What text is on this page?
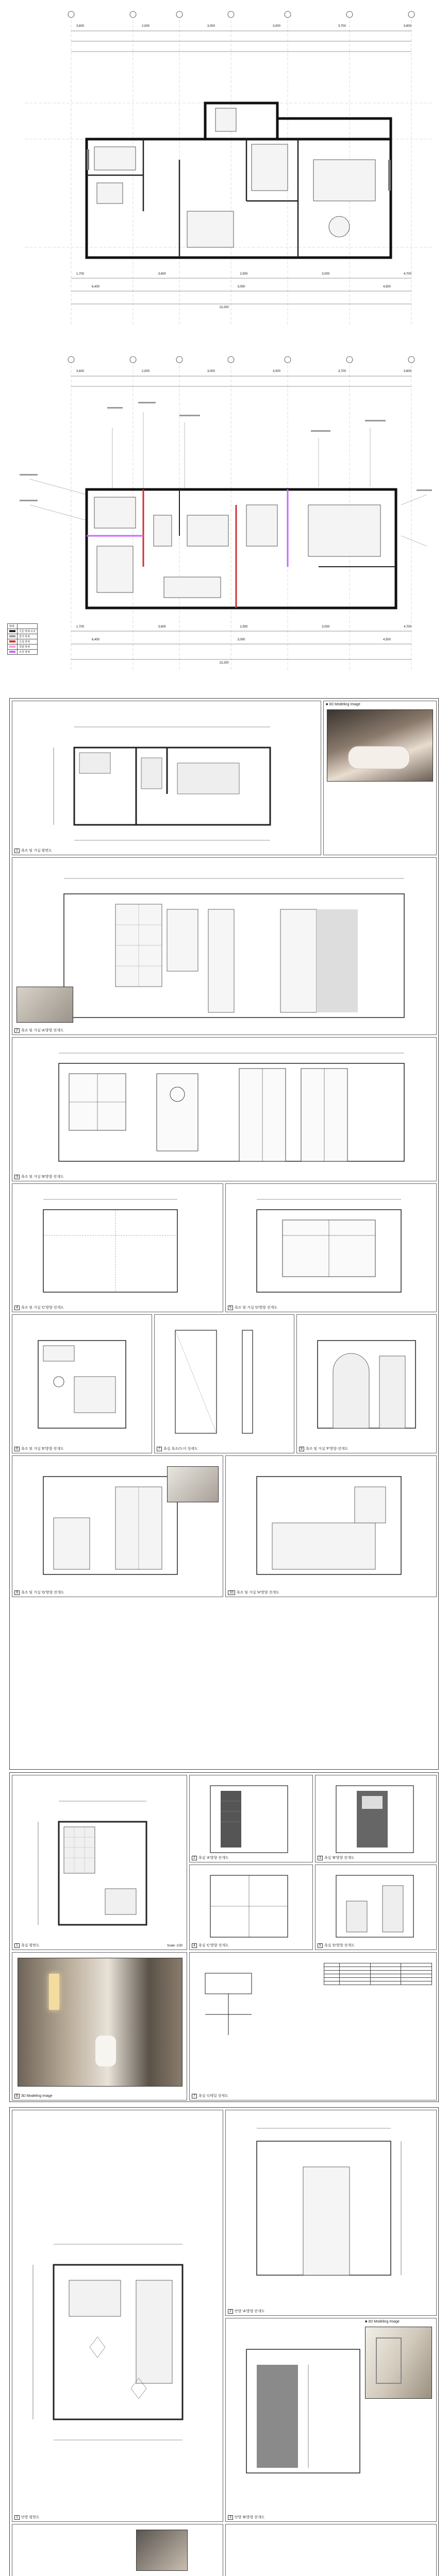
3,600	2,000	3,000	3,000	3,700	3,800
1,700	3,600	2,500	3,000	4,700
6,400	3,000	4,500
13,200
3,600	2,000	3,000	3,000	3,700	3,800
1,700	3,600	2,500	3,000	4,700
6,400	3,000	4,500
13,200
범례	
	기존 벽체 유지
	철거 벽체
	신설 벽체
	경량 벽체
	조적 벽체
1 욕조 및 거실 평면도
■ 3D Modeling Image
2 욕조 및 거실 'A'방향 전개도
3 욕조 및 거실 'B'방향 전개도
4 욕조 및 거실 'C'방향 전개도	5 욕조 및 거실 'D'방향 전개도
6 욕조 및 거실 'E'방향 전개도	7 욕실 욕조/도어 상세도	8 욕조 및 거실 'F'방향 전개도
9 욕조 및 거실 'G'방향 전개도	10 욕조 및 거실 'H'방향 전개도
Scale: 1/30
1 욕실 평면도
2 욕실 'A'방향 전개도	3 욕실 'B'방향 전개도
4 욕실 'C'방향 전개도	5 욕실 'D'방향 전개도
6 3D Modeling Image

				7 욕실 디테일 상세도
1 안방 평면도
2 안방 'A'방향 전개도
■ 3D Modeling Image
3 안방 'B'방향 전개도
